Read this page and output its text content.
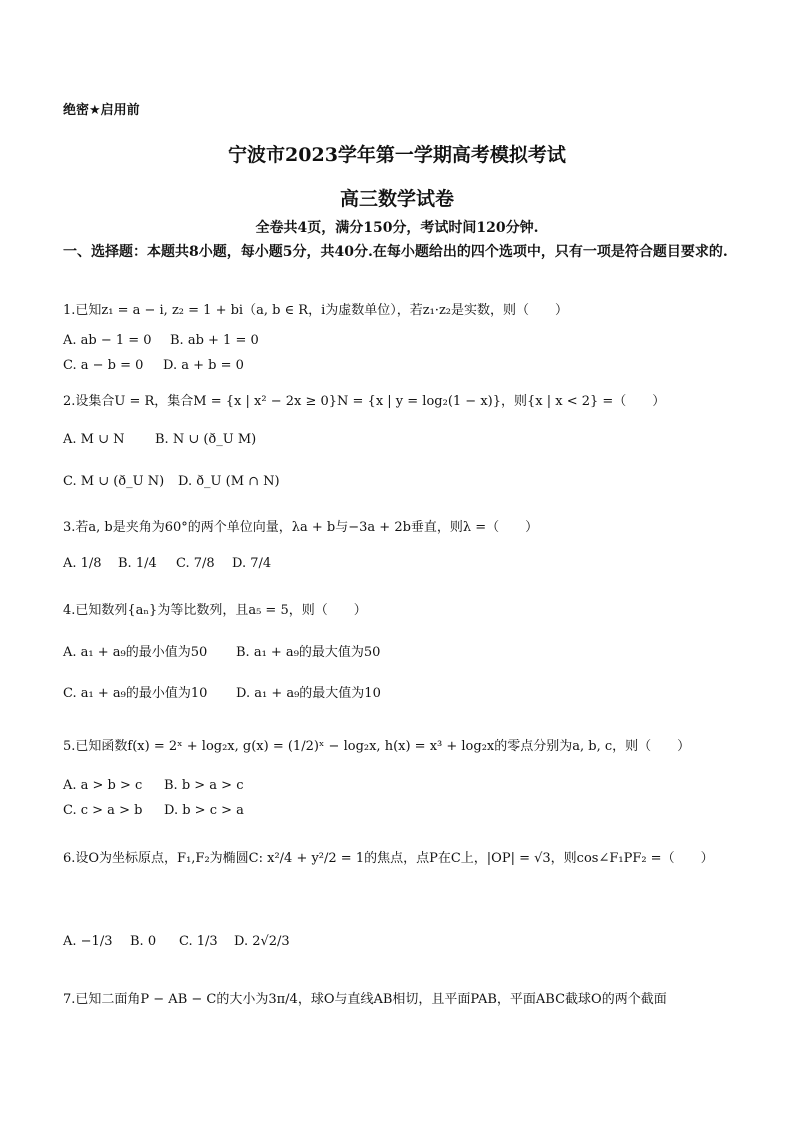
绝密★启用前
宁波市2023学年第一学期高考模拟考试
高三数学试卷
全卷共4页，满分150分，考试时间120分钟.
一、选择题：本题共8小题，每小题5分，共40分.在每小题给出的四个选项中，只有一项是符合题目要求的.
1.已知z₁ = a − i, z₂ = 1 + bi（a, b ∈ R，i为虚数单位），若z₁·z₂是实数，则（　　）
A. ab − 1 = 0 B. ab + 1 = 0
C. a − b = 0 D. a + b = 0
2.设集合U = R，集合M = {x | x² − 2x ≥ 0}N = {x | y = log₂(1 − x)}，则{x | x < 2} =（　　）
A. M ∪ N B. N ∪ (ð_U M)
C. M ∪ (ð_U N) D. ð_U (M ∩ N)
3.若a, b是夹角为60°的两个单位向量，λa + b与−3a + 2b垂直，则λ =（　　）
A. 1/8 B. 1/4 C. 7/8 D. 7/4
4.已知数列{aₙ}为等比数列，且a₅ = 5，则（　　）
A. a₁ + a₉的最小值为50 B. a₁ + a₉的最大值为50
C. a₁ + a₉的最小值为10 D. a₁ + a₉的最大值为10
5.已知函数f(x) = 2ˣ + log₂x, g(x) = (1/2)ˣ − log₂x, h(x) = x³ + log₂x的零点分别为a, b, c，则（　　）
A. a > b > c B. b > a > c
C. c > a > b D. b > c > a
6.设O为坐标原点，F₁,F₂为椭圆C: x²/4 + y²/2 = 1的焦点，点P在C上，|OP| = √3，则cos∠F₁PF₂ =（　　）
A. −1/3 B. 0 C. 1/3 D. 2√2/3
7.已知二面角P − AB − C的大小为3π/4，球O与直线AB相切，且平面PAB，平面ABC截球O的两个截面
